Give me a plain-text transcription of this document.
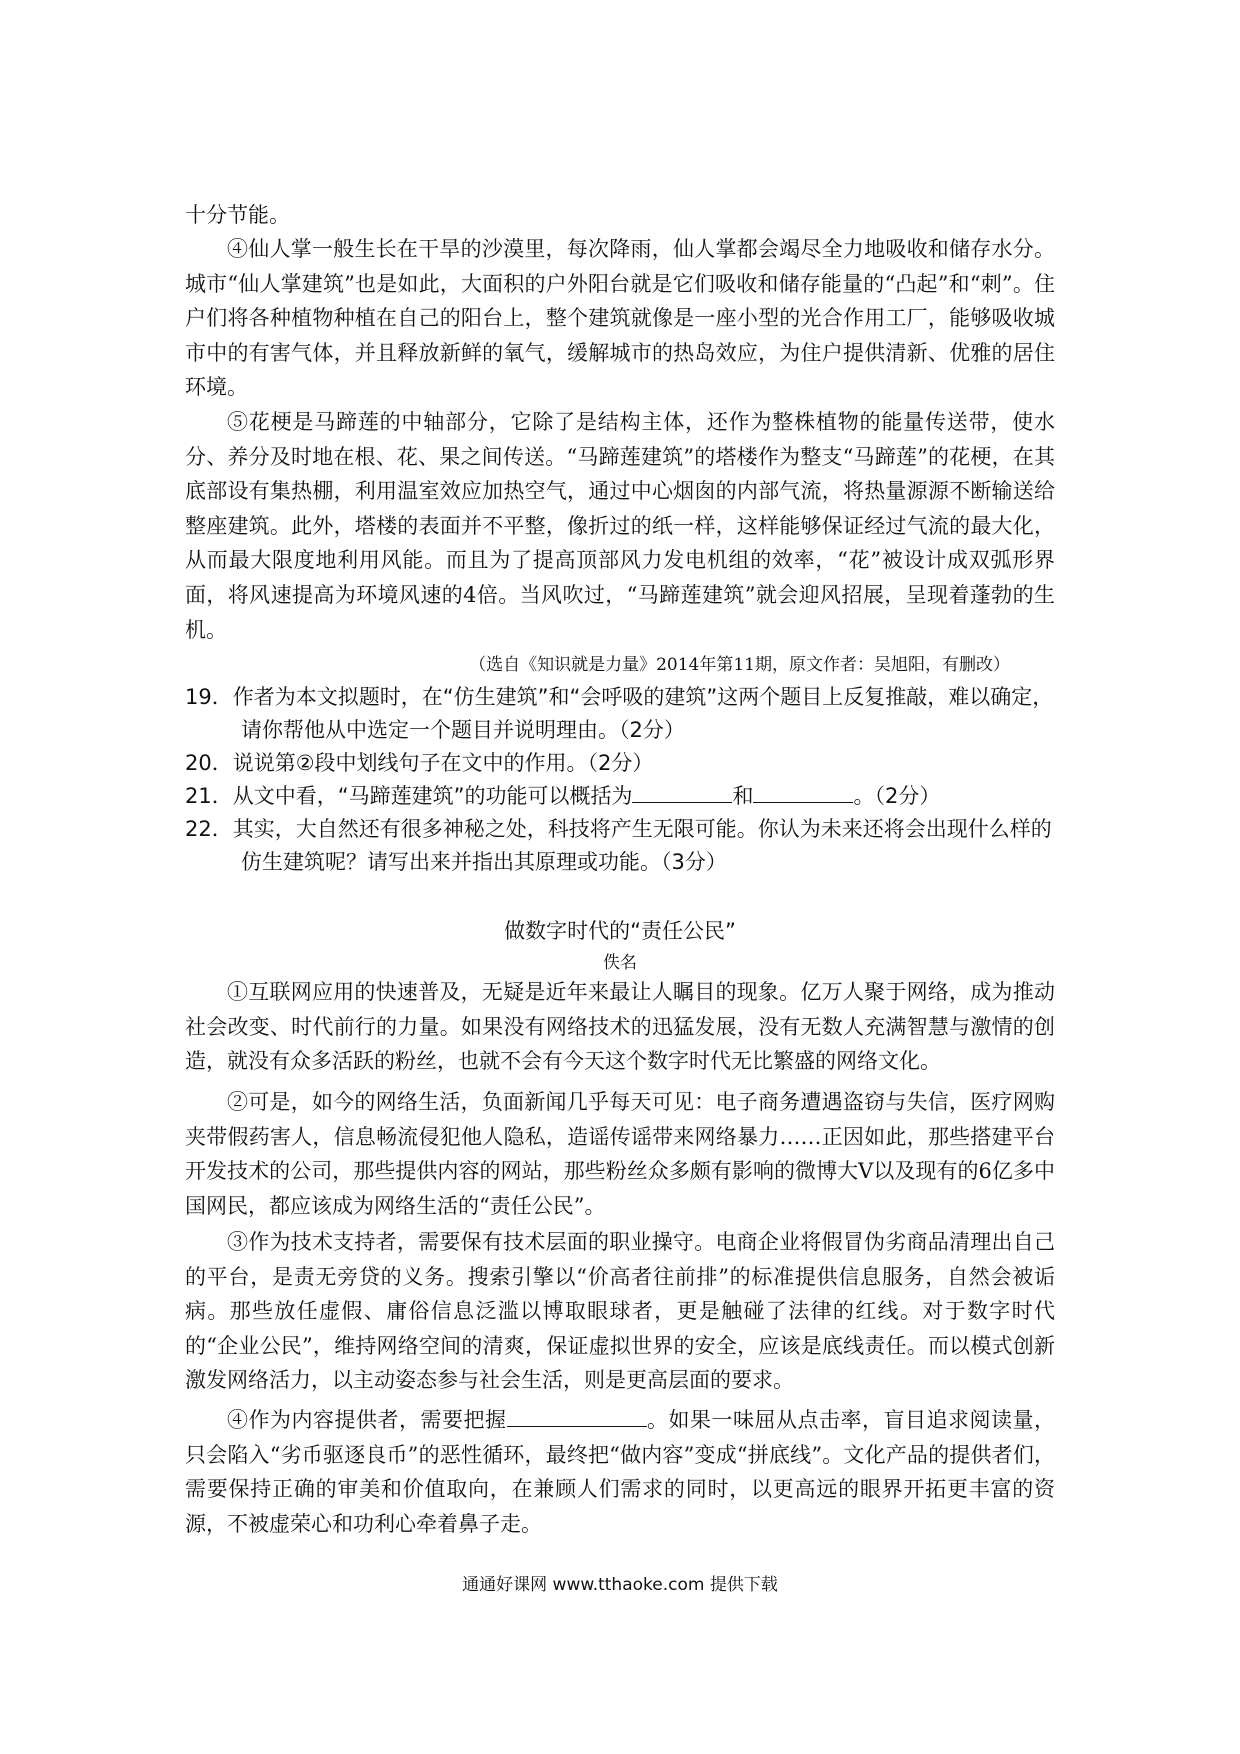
十分节能。

④仙人掌一般生长在干旱的沙漠里，每次降雨，仙人掌都会竭尽全力地吸收和储存水分。城市“仙人掌建筑”也是如此，大面积的户外阳台就是它们吸收和储存能量的“凸起”和“刺”。住户们将各种植物种植在自己的阳台上，整个建筑就像是一座小型的光合作用工厂，能够吸收城市中的有害气体，并且释放新鲜的氧气，缓解城市的热岛效应，为住户提供清新、优雅的居住环境。

⑤花梗是马蹄莲的中轴部分，它除了是结构主体，还作为整株植物的能量传送带，使水分、养分及时地在根、花、果之间传送。“马蹄莲建筑”的塔楼作为整支“马蹄莲”的花梗，在其底部设有集热棚，利用温室效应加热空气，通过中心烟囱的内部气流，将热量源源不断输送给整座建筑。此外，塔楼的表面并不平整，像折过的纸一样，这样能够保证经过气流的最大化，从而最大限度地利用风能。而且为了提高顶部风力发电机组的效率，“花”被设计成双弧形界面，将风速提高为环境风速的4倍。当风吹过，“马蹄莲建筑”就会迎风招展，呈现着蓬勃的生机。

（选自《知识就是力量》2014年第11期，原文作者：吴旭阳，有删改）

19．作者为本文拟题时，在“仿生建筑”和“会呼吸的建筑”这两个题目上反复推敲，难以确定，请你帮他从中选定一个题目并说明理由。（2分）

20．说说第②段中划线句子在文中的作用。（2分）

21．从文中看，“马蹄莲建筑”的功能可以概括为	和	。（2分）

22．其实，大自然还有很多神秘之处，科技将产生无限可能。你认为未来还将会出现什么样的仿生建筑呢？请写出来并指出其原理或功能。（3分）

做数字时代的“责任公民”

佚名

①互联网应用的快速普及，无疑是近年来最让人瞩目的现象。亿万人聚于网络，成为推动社会改变、时代前行的力量。如果没有网络技术的迅猛发展，没有无数人充满智慧与激情的创造，就没有众多活跃的粉丝，也就不会有今天这个数字时代无比繁盛的网络文化。

②可是，如今的网络生活，负面新闻几乎每天可见：电子商务遭遇盗窃与失信，医疗网购夹带假药害人，信息畅流侵犯他人隐私，造谣传谣带来网络暴力……正因如此，那些搭建平台开发技术的公司，那些提供内容的网站，那些粉丝众多颇有影响的微博大V以及现有的6亿多中国网民，都应该成为网络生活的“责任公民”。

③作为技术支持者，需要保有技术层面的职业操守。电商企业将假冒伪劣商品清理出自己的平台，是责无旁贷的义务。搜索引擎以“价高者往前排”的标准提供信息服务，自然会被诟病。那些放任虚假、庸俗信息泛滥以博取眼球者，更是触碰了法律的红线。对于数字时代的“企业公民”，维持网络空间的清爽，保证虚拟世界的安全，应该是底线责任。而以模式创新激发网络活力，以主动姿态参与社会生活，则是更高层面的要求。

④作为内容提供者，需要把握	。如果一味屈从点击率，盲目追求阅读量，只会陷入“劣币驱逐良币”的恶性循环，最终把“做内容”变成“拼底线”。文化产品的提供者们，需要保持正确的审美和价值取向，在兼顾人们需求的同时，以更高远的眼界开拓更丰富的资源，不被虚荣心和功利心牵着鼻子走。

通通好课网 www.tthaoke.com 提供下载
